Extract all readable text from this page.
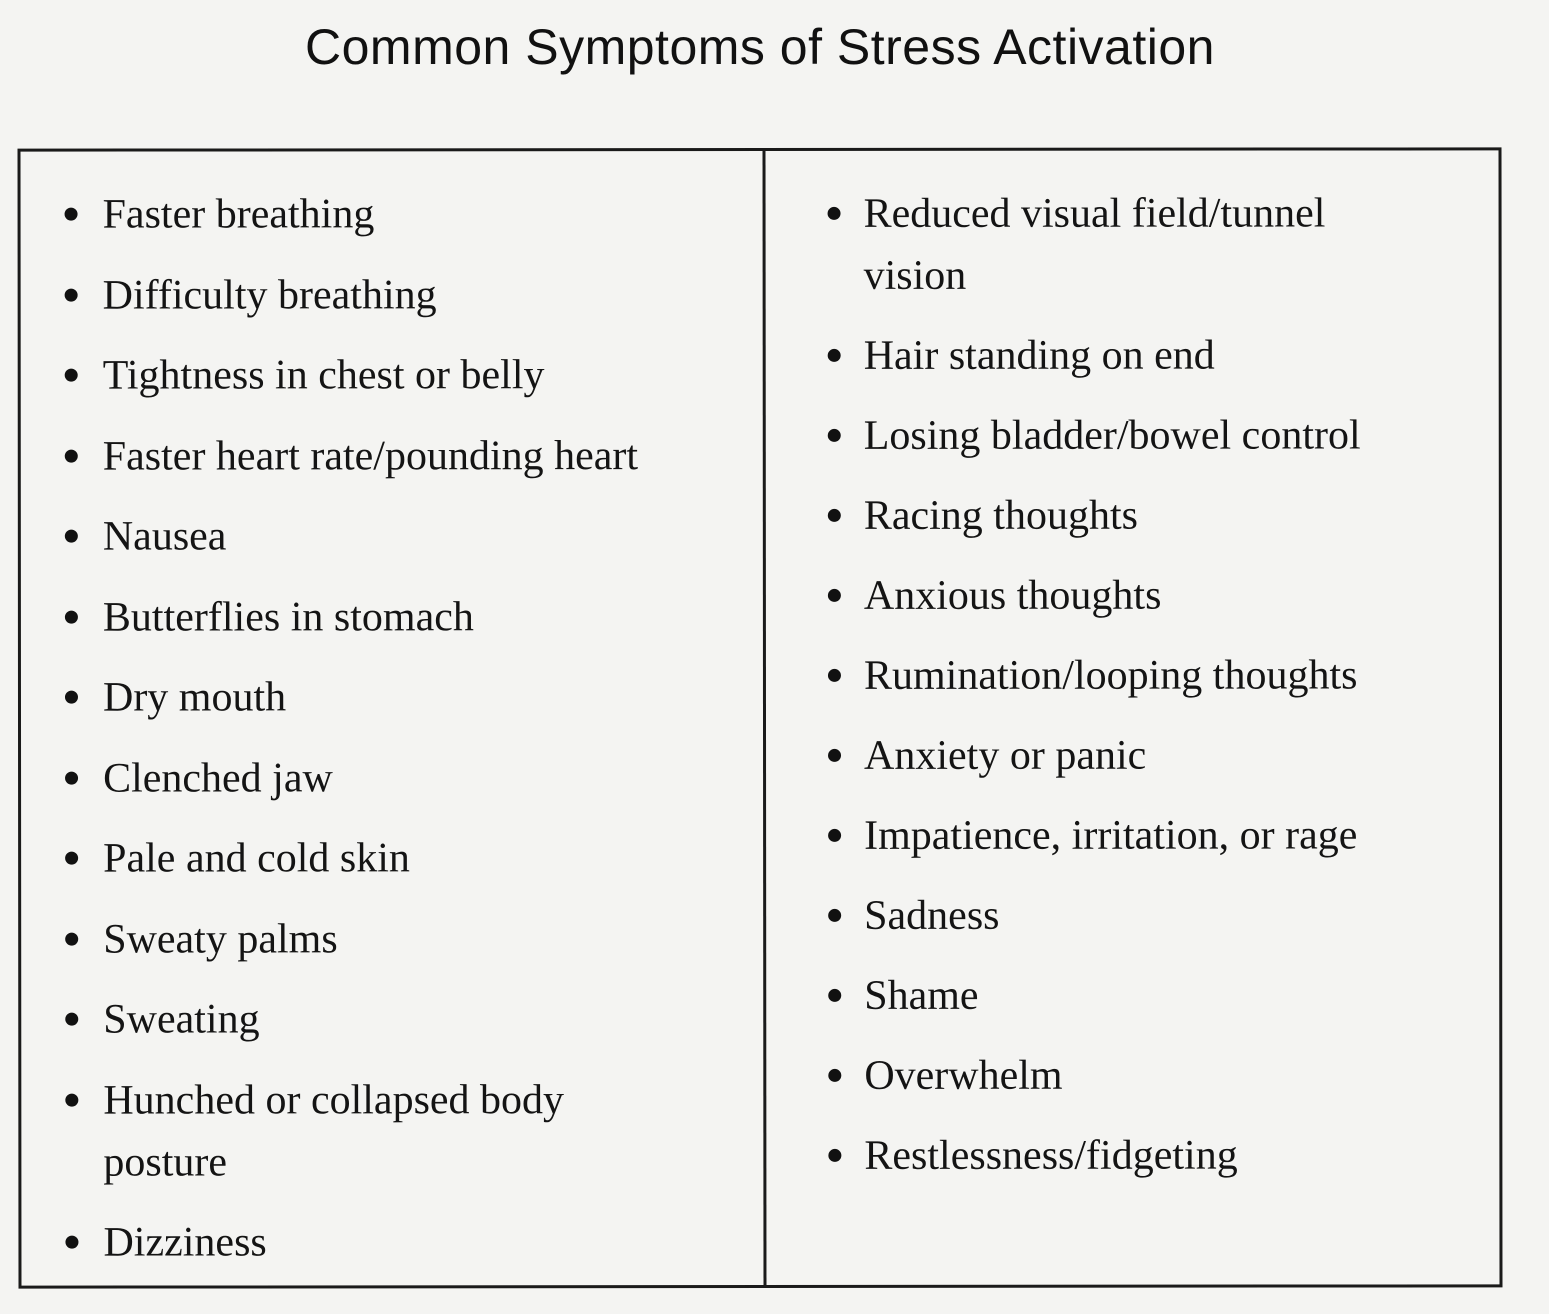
Common Symptoms of Stress Activation
Faster breathing
Difficulty breathing
Tightness in chest or belly
Faster heart rate/pounding heart
Nausea
Butterflies in stomach
Dry mouth
Clenched jaw
Pale and cold skin
Sweaty palms
Sweating
Hunched or collapsed body
posture
Dizziness
Reduced visual field/tunnel
vision
Hair standing on end
Losing bladder/bowel control
Racing thoughts
Anxious thoughts
Rumination/looping thoughts
Anxiety or panic
Impatience, irritation, or rage
Sadness
Shame
Overwhelm
Restlessness/fidgeting
